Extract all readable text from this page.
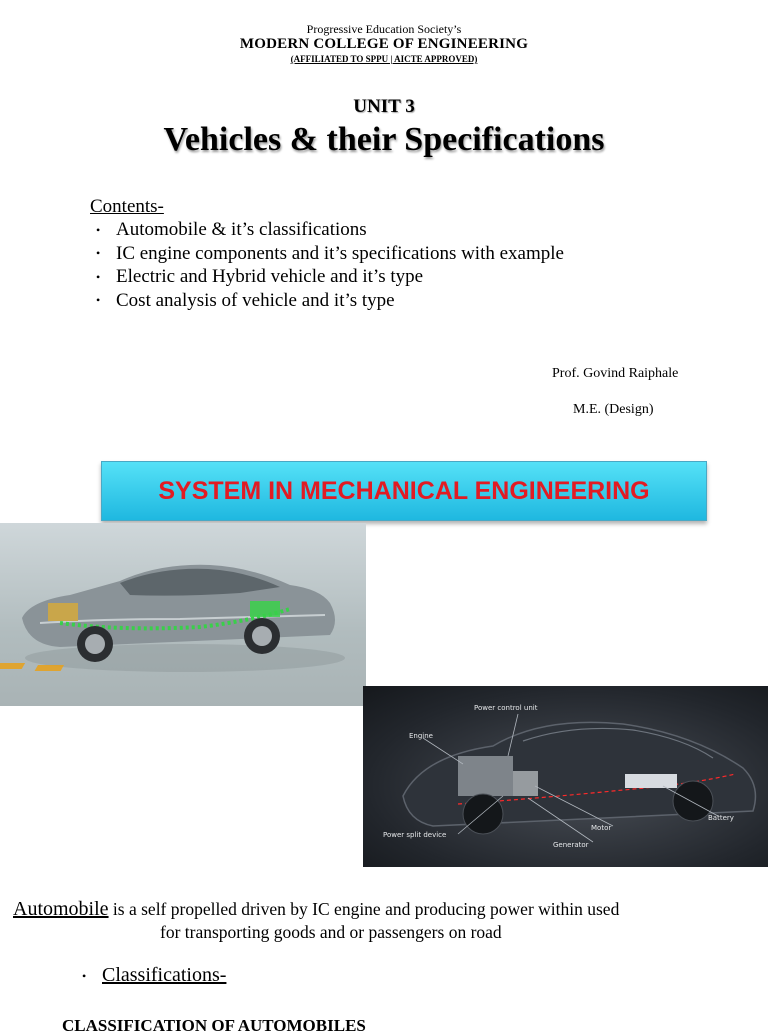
Progressive Education Society’s
MODERN COLLEGE OF ENGINEERING
(AFFILIATED TO SPPU | AICTE APPROVED)
UNIT 3
Vehicles & their Specifications
Contents-
• Automobile & it’s classifications
• IC engine components and it’s specifications with example
• Electric and Hybrid vehicle and it’s type
• Cost analysis of vehicle and it’s type
Prof. Govind Raiphale
M.E. (Design)
SYSTEM IN MECHANICAL ENGINEERING
Power control unit
Engine
Battery
Motor
Power split device
Generator
Automobile is a self propelled driven by IC engine and producing power within used
for transporting goods and or passengers on road
• Classifications-
CLASSIFICATION OF AUTOMOBILES
